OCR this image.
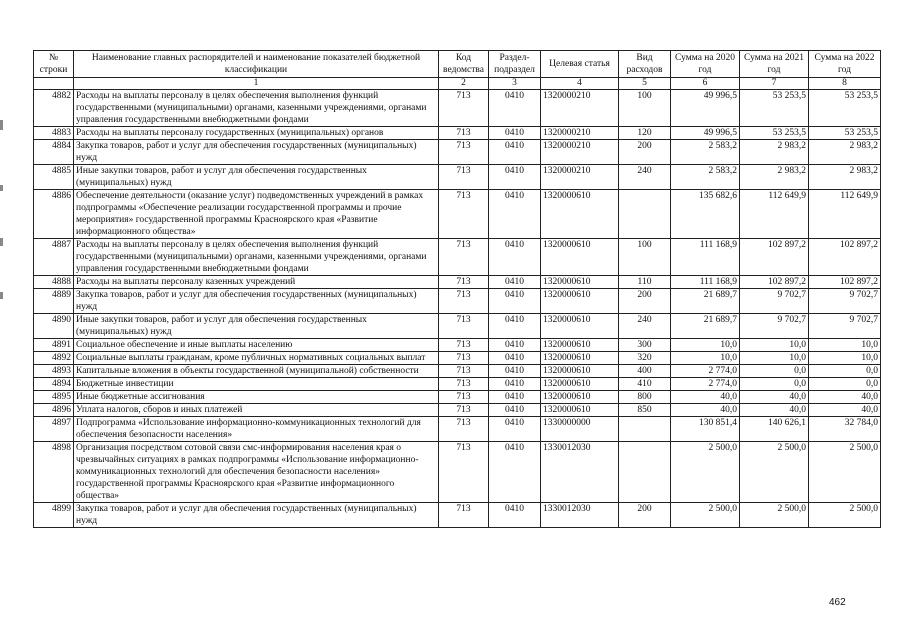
№ строки	Наименование главных распорядителей и наименование показателей бюджетной классификации	Код ведомства	Раздел- подраздел	Целевая статья	Вид расходов	Сумма на 2020 год	Сумма на 2021 год	Сумма на 2022 год
	1	2	3	4	5	6	7	8
4882	Расходы на выплаты персоналу в целях обеспечения выполнения функций государственными (муниципальными) органами, казенными учреждениями, органами управления государственными внебюджетными фондами	713	0410	1320000210	100	49 996,5	53 253,5	53 253,5
4883	Расходы на выплаты персоналу государственных (муниципальных) органов	713	0410	1320000210	120	49 996,5	53 253,5	53 253,5
4884	Закупка товаров, работ и услуг для обеспечения государственных (муниципальных) нужд	713	0410	1320000210	200	2 583,2	2 983,2	2 983,2
4885	Иные закупки товаров, работ и услуг для обеспечения государственных (муниципальных) нужд	713	0410	1320000210	240	2 583,2	2 983,2	2 983,2
4886	Обеспечение деятельности (оказание услуг) подведомственных учреждений в рамках подпрограммы «Обеспечение реализации государственной программы и прочие мероприятия» государственной программы Красноярского края «Развитие информационного общества»	713	0410	1320000610		135 682,6	112 649,9	112 649,9
4887	Расходы на выплаты персоналу в целях обеспечения выполнения функций государственными (муниципальными) органами, казенными учреждениями, органами управления государственными внебюджетными фондами	713	0410	1320000610	100	111 168,9	102 897,2	102 897,2
4888	Расходы на выплаты персоналу казенных учреждений	713	0410	1320000610	110	111 168,9	102 897,2	102 897,2
4889	Закупка товаров, работ и услуг для обеспечения государственных (муниципальных) нужд	713	0410	1320000610	200	21 689,7	9 702,7	9 702,7
4890	Иные закупки товаров, работ и услуг для обеспечения государственных (муниципальных) нужд	713	0410	1320000610	240	21 689,7	9 702,7	9 702,7
4891	Социальное обеспечение и иные выплаты населению	713	0410	1320000610	300	10,0	10,0	10,0
4892	Социальные выплаты гражданам, кроме публичных нормативных социальных выплат	713	0410	1320000610	320	10,0	10,0	10,0
4893	Капитальные вложения в объекты государственной (муниципальной) собственности	713	0410	1320000610	400	2 774,0	0,0	0,0
4894	Бюджетные инвестиции	713	0410	1320000610	410	2 774,0	0,0	0,0
4895	Иные бюджетные ассигнования	713	0410	1320000610	800	40,0	40,0	40,0
4896	Уплата налогов, сборов и иных платежей	713	0410	1320000610	850	40,0	40,0	40,0
4897	Подпрограмма «Использование информационно-коммуникационных технологий для обеспечения безопасности населения»	713	0410	1330000000		130 851,4	140 626,1	32 784,0
4898	Организация посредством сотовой связи смс-информирования населения края о чрезвычайных ситуациях в рамках подпрограммы «Использование информационно-коммуникационных технологий для обеспечения безопасности населения» государственной программы Красноярского края «Развитие информационного общества»	713	0410	1330012030		2 500,0	2 500,0	2 500,0
4899	Закупка товаров, работ и услуг для обеспечения государственных (муниципальных) нужд	713	0410	1330012030	200	2 500,0	2 500,0	2 500,0
462
